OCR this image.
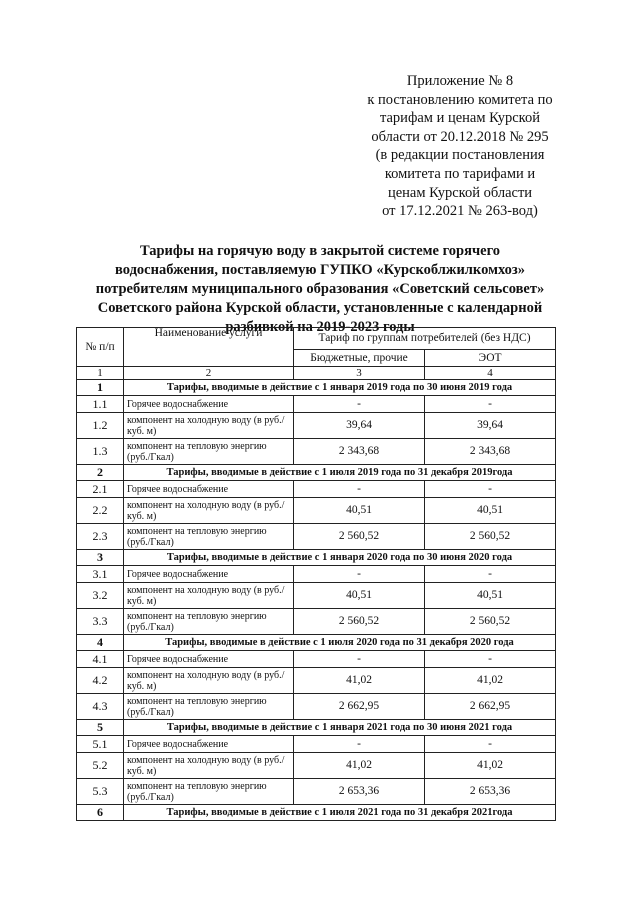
Приложение № 8
к постановлению комитета по
тарифам и ценам Курской
области от 20.12.2018 № 295
(в редакции постановления
комитета по тарифами и
ценам Курской области
от 17.12.2021 № 263-вод)
Тарифы на горячую воду в закрытой системе горячего
водоснабжения, поставляемую ГУПКО «Курскоблжилкомхоз»
потребителям муниципального образования «Советский сельсовет»
Советского района Курской области, установленные с календарной
разбивкой на 2019-2023 годы
№ п/п	Наименование услуги	Тариф по группам потребителей (без НДС)	
		Бюджетные, прочие	ЭОТ
1	2	3	4
1	Тарифы, вводимые в действие с 1 января 2019 года по 30 июня 2019 года		
1.1	Горячее водоснабжение	-	-
1.2	компонент на холодную воду (в руб./куб. м)	39,64	39,64
1.3	компонент на тепловую энергию (руб./Гкал)	2 343,68	2 343,68
2	Тарифы, вводимые в действие с 1 июля 2019 года по 31 декабря 2019года		
2.1	Горячее водоснабжение	-	-
2.2	компонент на холодную воду (в руб./куб. м)	40,51	40,51
2.3	компонент на тепловую энергию (руб./Гкал)	2 560,52	2 560,52
3	Тарифы, вводимые в действие с 1 января 2020 года по 30 июня 2020 года		
3.1	Горячее водоснабжение	-	-
3.2	компонент на холодную воду (в руб./куб. м)	40,51	40,51
3.3	компонент на тепловую энергию (руб./Гкал)	2 560,52	2 560,52
4	Тарифы, вводимые в действие с 1 июля 2020 года по 31 декабря 2020 года		
4.1	Горячее водоснабжение	-	-
4.2	компонент на холодную воду (в руб./куб. м)	41,02	41,02
4.3	компонент на тепловую энергию (руб./Гкал)	2 662,95	2 662,95
5	Тарифы, вводимые в действие с 1 января 2021 года по 30 июня 2021 года		
5.1	Горячее водоснабжение	-	-
5.2	компонент на холодную воду (в руб./куб. м)	41,02	41,02
5.3	компонент на тепловую энергию (руб./Гкал)	2 653,36	2 653,36
6	Тарифы, вводимые в действие с 1 июля 2021 года по 31 декабря 2021года		
